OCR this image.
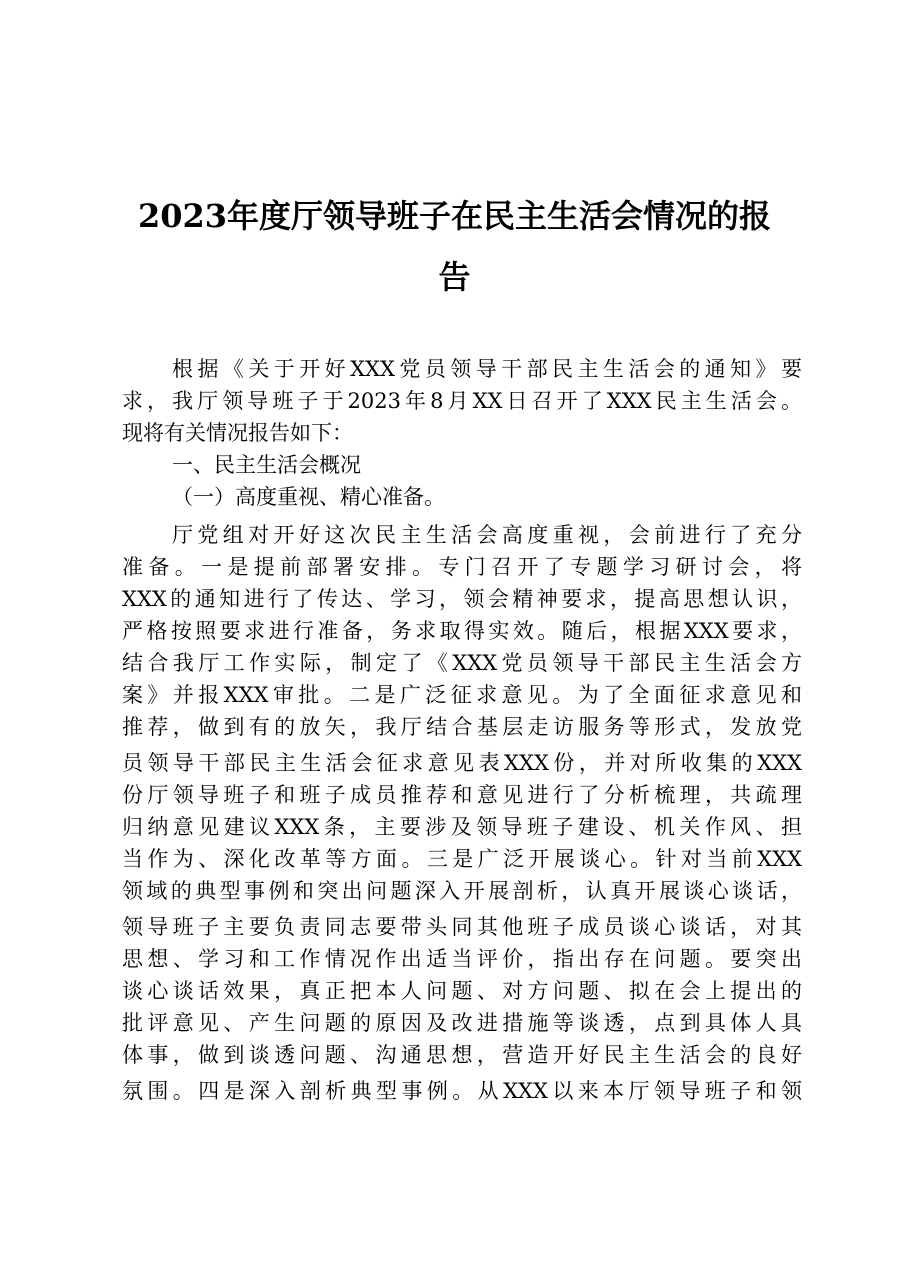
2023年度厅领导班子在民主生活会情况的报
告
根据《关于开好XXX党员领导干部民主生活会的通知》要
求，我厅领导班子于2023年8月XX日召开了XXX民主生活会。
现将有关情况报告如下：
一、民主生活会概况
（一）高度重视、精心准备。
厅党组对开好这次民主生活会高度重视，会前进行了充分
准备。一是提前部署安排。专门召开了专题学习研讨会，将
XXX的通知进行了传达、学习，领会精神要求，提高思想认识，
严格按照要求进行准备，务求取得实效。随后，根据XXX要求，
结合我厅工作实际，制定了《XXX党员领导干部民主生活会方
案》并报XXX审批。二是广泛征求意见。为了全面征求意见和
推荐，做到有的放矢，我厅结合基层走访服务等形式，发放党
员领导干部民主生活会征求意见表XXX份，并对所收集的XXX
份厅领导班子和班子成员推荐和意见进行了分析梳理，共疏理
归纳意见建议XXX条，主要涉及领导班子建设、机关作风、担
当作为、深化改革等方面。三是广泛开展谈心。针对当前XXX
领域的典型事例和突出问题深入开展剖析，认真开展谈心谈话，
领导班子主要负责同志要带头同其他班子成员谈心谈话，对其
思想、学习和工作情况作出适当评价，指出存在问题。要突出
谈心谈话效果，真正把本人问题、对方问题、拟在会上提出的
批评意见、产生问题的原因及改进措施等谈透，点到具体人具
体事，做到谈透问题、沟通思想，营造开好民主生活会的良好
氛围。四是深入剖析典型事例。从XXX以来本厅领导班子和领
